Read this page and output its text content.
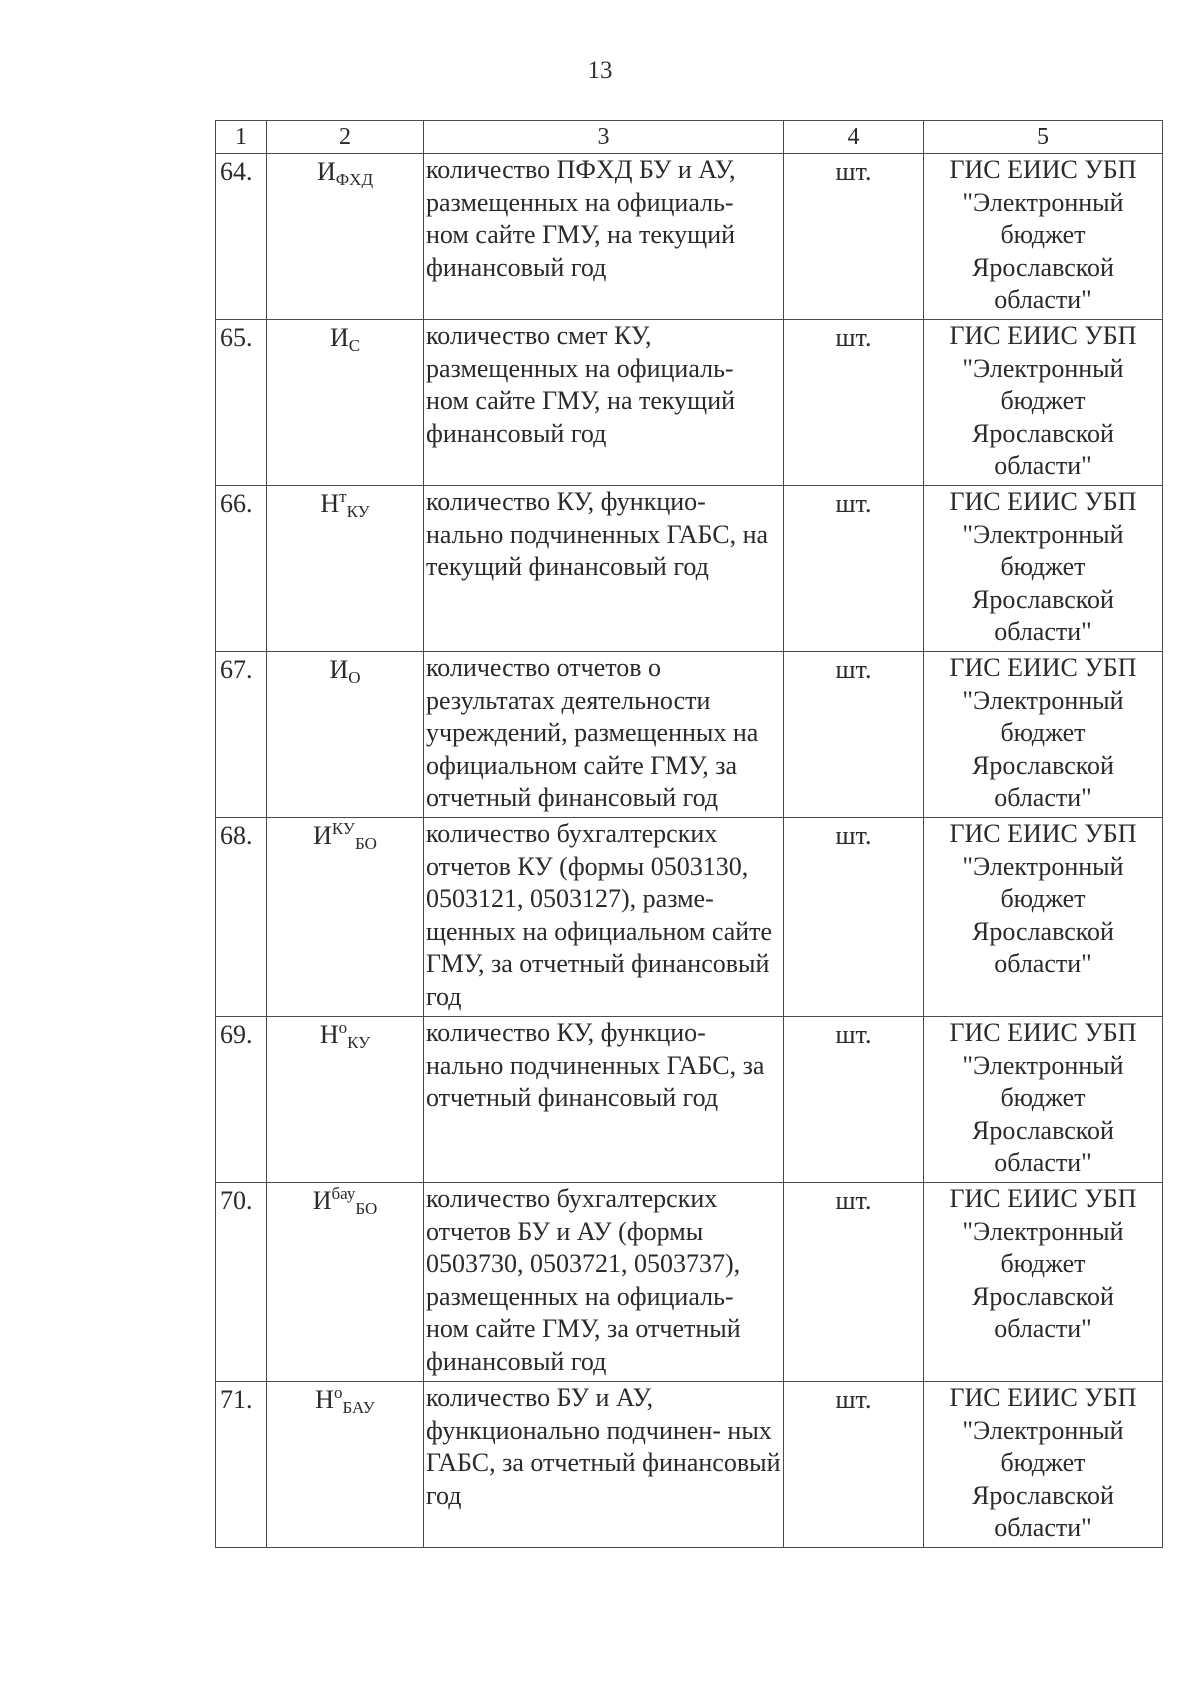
13
1	2	3	4	5
64.	$И_{ФХД}$	количество ПФХД БУ и АУ, размещенных на официаль- ном сайте ГМУ, на текущий финансовый год	шт.	ГИС ЕИИС УБП
"Электронный
бюджет
Ярославской
области"

65.	$И_С$	количество смет КУ, размещенных на официаль- ном сайте ГМУ, на текущий финансовый год	шт.	ГИС ЕИИС УБП
"Электронный
бюджет
Ярославской
области"

66.	$Н^т_{КУ}$	количество КУ, функцио- нально подчиненных ГАБС, на текущий финансовый год	шт.	ГИС ЕИИС УБП
"Электронный
бюджет
Ярославской
области"

67.	$И_О$	количество отчетов о результатах деятельности учреждений, размещенных на официальном сайте ГМУ, за отчетный финансовый год	шт.	ГИС ЕИИС УБП
"Электронный
бюджет
Ярославской
области"

68.	$И^{КУ}_{БО}$	количество бухгалтерских отчетов КУ (формы 0503130, 0503121, 0503127), разме- щенных на официальном сайте ГМУ, за отчетный финансовый год	шт.	ГИС ЕИИС УБП
"Электронный
бюджет
Ярославской
области"

69.	$Н^о_{КУ}$	количество КУ, функцио- нально подчиненных ГАБС, за отчетный финансовый год	шт.	ГИС ЕИИС УБП
"Электронный
бюджет
Ярославской
области"

70.	$И^{бау}_{БО}$	количество бухгалтерских отчетов БУ и АУ (формы 0503730, 0503721, 0503737), размещенных на официаль- ном сайте ГМУ, за отчетный финансовый год	шт.	ГИС ЕИИС УБП
"Электронный
бюджет
Ярославской
области"

71.	$Н^о_{БАУ}$	количество БУ и АУ, функционально подчинен- ных ГАБС, за отчетный финансовый год	шт.	ГИС ЕИИС УБП
"Электронный
бюджет
Ярославской
области"
